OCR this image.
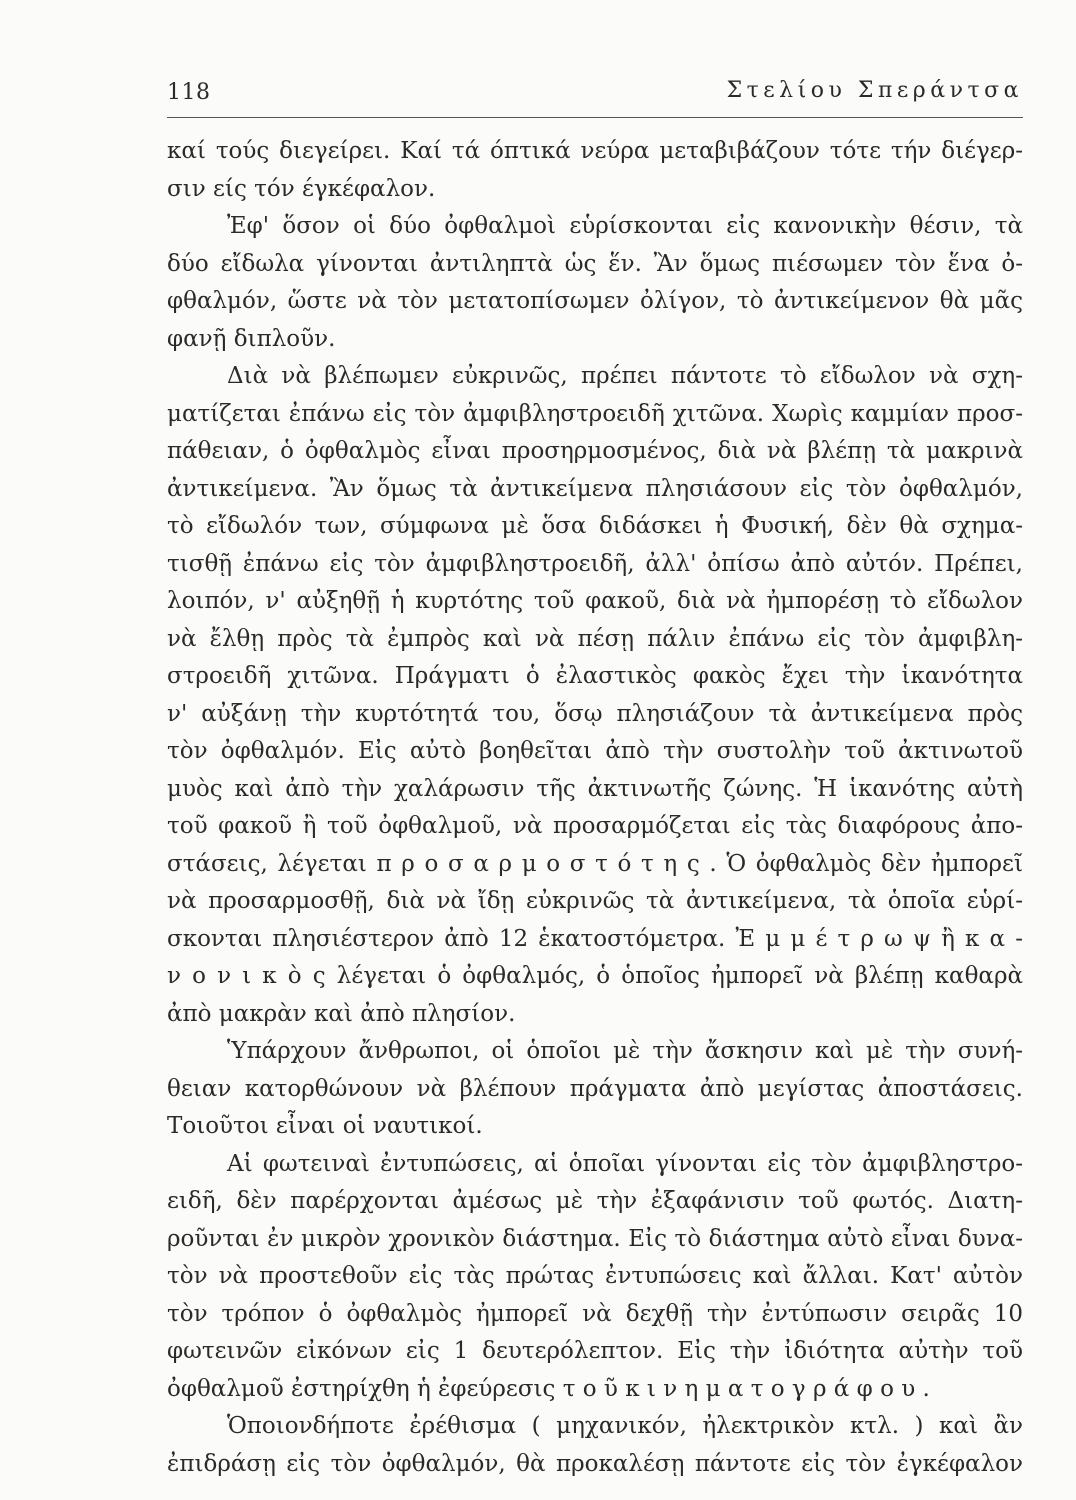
118	Στελίου Σπεράντσα
καί τούς διεγείρει. Καί τά όπτικά νεύρα μεταβιβάζουν τότε τήν διέγερ-
σιν είς τόν έγκέφαλον.
Ἐφ' ὅσον οἱ δύο ὀφθαλμοὶ εὑρίσκονται εἰς κανονικὴν θέσιν, τὰ
δύο εἴδωλα γίνονται ἀντιληπτὰ ὡς ἕν. Ἂν ὅμως πιέσωμεν τὸν ἕνα ὀ-
φθαλμόν, ὥστε νὰ τὸν μετατοπίσωμεν ὀλίγον, τὸ ἀντικείμενον θὰ μᾶς
φανῇ διπλοῦν.
Διὰ νὰ βλέπωμεν εὐκρινῶς, πρέπει πάντοτε τὸ εἴδωλον νὰ σχη-
ματίζεται ἐπάνω εἰς τὸν ἀμφιβληστροειδῆ χιτῶνα. Χωρὶς καμμίαν προσ-
πάθειαν, ὁ ὀφθαλμὸς εἶναι προσηρμοσμένος, διὰ νὰ βλέπῃ τὰ μακρινὰ
ἀντικείμενα. Ἂν ὅμως τὰ ἀντικείμενα πλησιάσουν εἰς τὸν ὀφθαλμόν,
τὸ εἴδωλόν των, σύμφωνα μὲ ὅσα διδάσκει ἡ Φυσική, δὲν θὰ σχημα-
τισθῇ ἐπάνω εἰς τὸν ἀμφιβληστροειδῆ, ἀλλ' ὀπίσω ἀπὸ αὐτόν. Πρέπει,
λοιπόν, ν' αὐξηθῇ ἡ κυρτότης τοῦ φακοῦ, διὰ νὰ ἠμπορέσῃ τὸ εἴδωλον
νὰ ἔλθῃ πρὸς τὰ ἐμπρὸς καὶ νὰ πέσῃ πάλιν ἐπάνω εἰς τὸν ἀμφιβλη-
στροειδῆ χιτῶνα. Πράγματι ὁ ἐλαστικὸς φακὸς ἔχει τὴν ἱκανότητα
ν' αὐξάνῃ τὴν κυρτότητά του, ὅσῳ πλησιάζουν τὰ ἀντικείμενα πρὸς
τὸν ὀφθαλμόν. Εἰς αὐτὸ βοηθεῖται ἀπὸ τὴν συστολὴν τοῦ ἀκτινωτοῦ
μυὸς καὶ ἀπὸ τὴν χαλάρωσιν τῆς ἀκτινωτῆς ζώνης. Ἡ ἱκανότης αὐτὴ
τοῦ φακοῦ ἢ τοῦ ὀφθαλμοῦ, νὰ προσαρμόζεται εἰς τὰς διαφόρους ἀπο-
στάσεις, λέγεται π ρ ο σ α ρ μ ο σ τ ό τ η ς . Ὁ ὀφθαλμὸς δὲν ἠμπορεῖ
νὰ προσαρμοσθῇ, διὰ νὰ ἴδῃ εὐκρινῶς τὰ ἀντικείμενα, τὰ ὁποῖα εὑρί-
σκονται πλησιέστερον ἀπὸ 12 ἑκατοστόμετρα. Ἐ μ μ έ τ ρ ω ψ ἢ κ α -
ν ο ν ι κ ὸ ς λέγεται ὁ ὀφθαλμός, ὁ ὁποῖος ἠμπορεῖ νὰ βλέπῃ καθαρὰ
ἀπὸ μακρὰν καὶ ἀπὸ πλησίον.
Ὑπάρχουν ἄνθρωποι, οἱ ὁποῖοι μὲ τὴν ἄσκησιν καὶ μὲ τὴν συνή-
θειαν κατορθώνουν νὰ βλέπουν πράγματα ἀπὸ μεγίστας ἀποστάσεις.
Τοιοῦτοι εἶναι οἱ ναυτικοί.
Αἱ φωτειναὶ ἐντυπώσεις, αἱ ὁποῖαι γίνονται εἰς τὸν ἀμφιβληστρο-
ειδῆ, δὲν παρέρχονται ἀμέσως μὲ τὴν ἐξαφάνισιν τοῦ φωτός. Διατη-
ροῦνται ἐν μικρὸν χρονικὸν διάστημα. Εἰς τὸ διάστημα αὐτὸ εἶναι δυνα-
τὸν νὰ προστεθοῦν εἰς τὰς πρώτας ἐντυπώσεις καὶ ἄλλαι. Κατ' αὐτὸν
τὸν τρόπον ὁ ὀφθαλμὸς ἠμπορεῖ νὰ δεχθῇ τὴν ἐντύπωσιν σειρᾶς 10
φωτεινῶν εἰκόνων εἰς 1 δευτερόλεπτον. Εἰς τὴν ἰδιότητα αὐτὴν τοῦ
ὀφθαλμοῦ ἐστηρίχθη ἡ ἐφεύρεσις τ ο ῦ κ ι ν η μ α τ ο γ ρ ά φ ο υ .
Ὁποιονδήποτε ἐρέθισμα ( μηχανικόν, ἠλεκτρικὸν κτλ. ) καὶ ἂν
ἐπιδράσῃ εἰς τὸν ὀφθαλμόν, θὰ προκαλέσῃ πάντοτε εἰς τὸν ἐγκέφαλον
